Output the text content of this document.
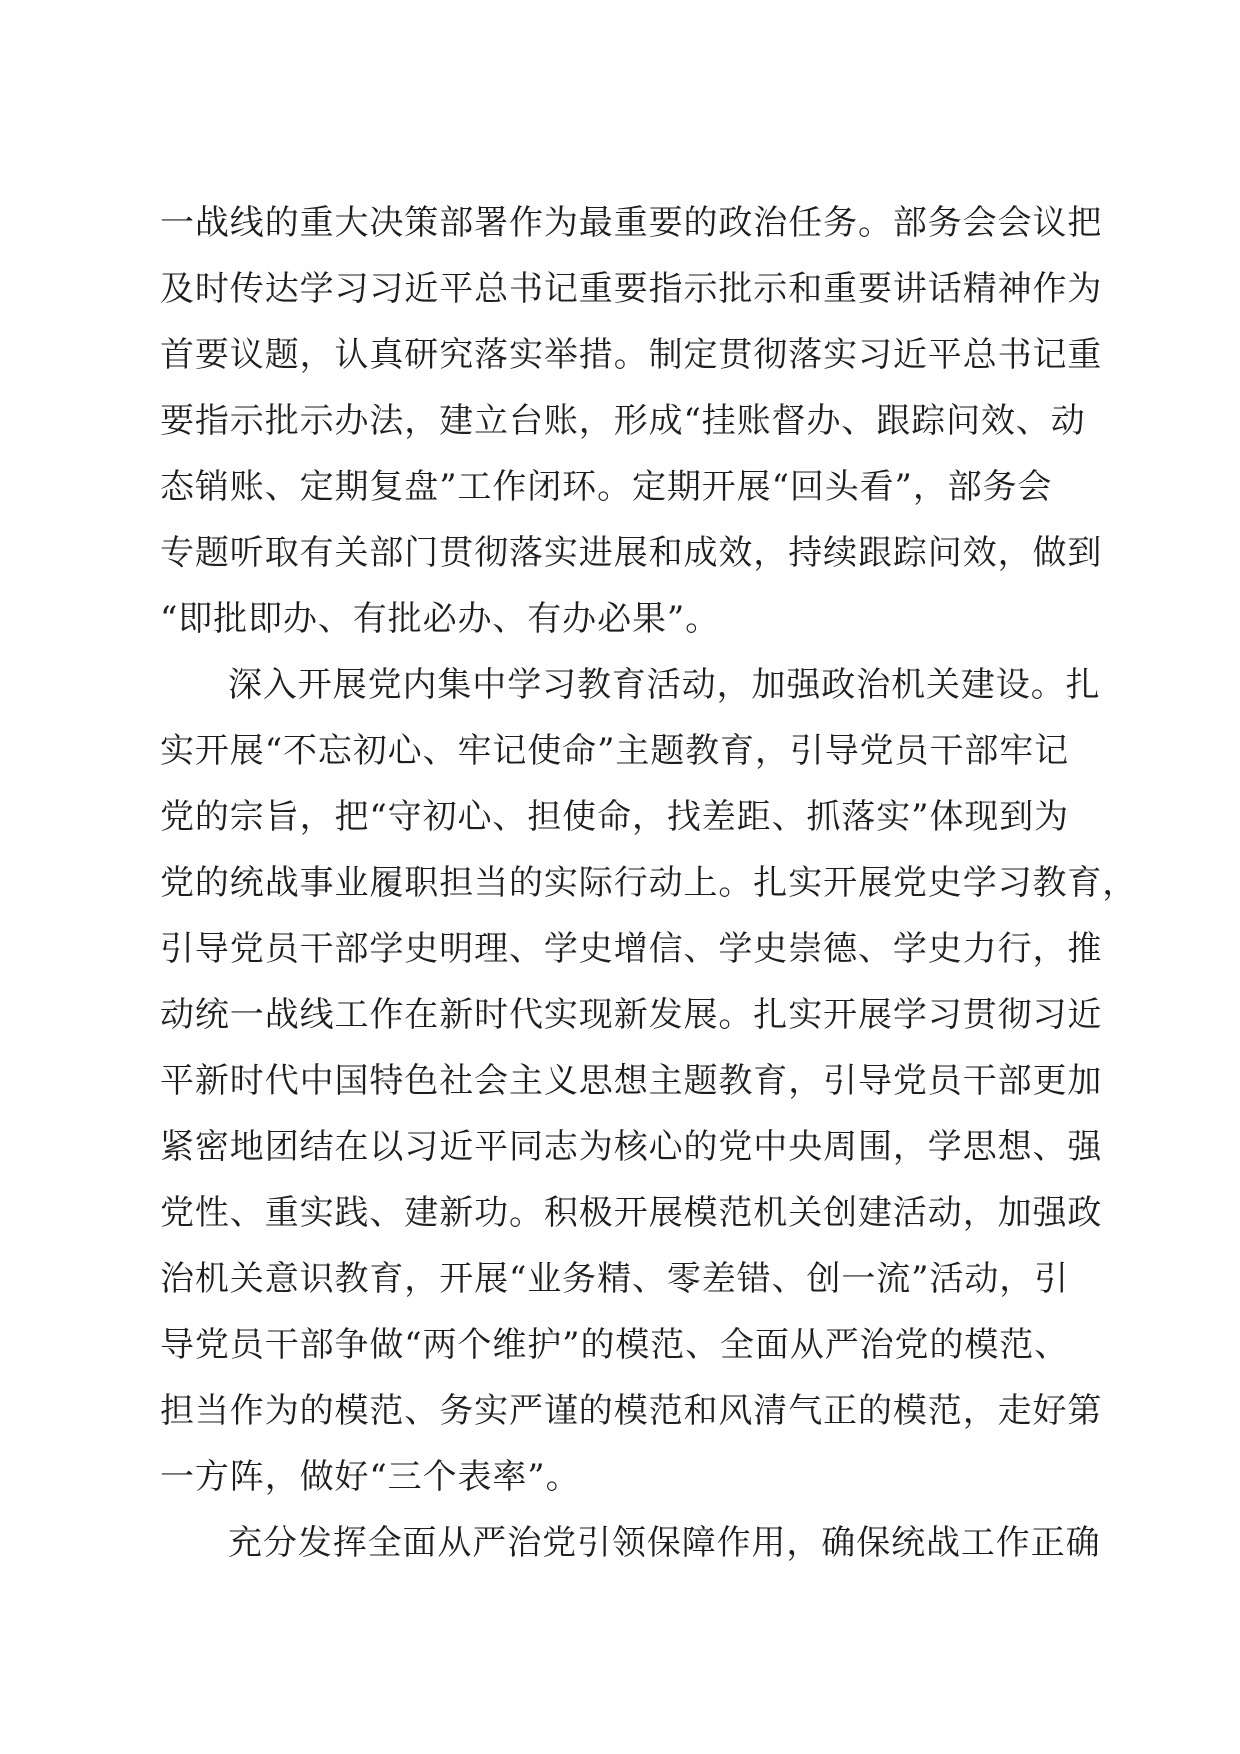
一战线的重大决策部署作为最重要的政治任务。部务会会议把
及时传达学习习近平总书记重要指示批示和重要讲话精神作为
首要议题，认真研究落实举措。制定贯彻落实习近平总书记重
要指示批示办法，建立台账，形成“挂账督办、跟踪问效、动
态销账、定期复盘”工作闭环。定期开展“回头看”，部务会
专题听取有关部门贯彻落实进展和成效，持续跟踪问效，做到
“即批即办、有批必办、有办必果”。
深入开展党内集中学习教育活动，加强政治机关建设。扎
实开展“不忘初心、牢记使命”主题教育，引导党员干部牢记
党的宗旨，把“守初心、担使命，找差距、抓落实”体现到为
党的统战事业履职担当的实际行动上。扎实开展党史学习教育，
引导党员干部学史明理、学史增信、学史崇德、学史力行，推
动统一战线工作在新时代实现新发展。扎实开展学习贯彻习近
平新时代中国特色社会主义思想主题教育，引导党员干部更加
紧密地团结在以习近平同志为核心的党中央周围，学思想、强
党性、重实践、建新功。积极开展模范机关创建活动，加强政
治机关意识教育，开展“业务精、零差错、创一流”活动，引
导党员干部争做“两个维护”的模范、全面从严治党的模范、
担当作为的模范、务实严谨的模范和风清气正的模范，走好第
一方阵，做好“三个表率”。
充分发挥全面从严治党引领保障作用，确保统战工作正确
